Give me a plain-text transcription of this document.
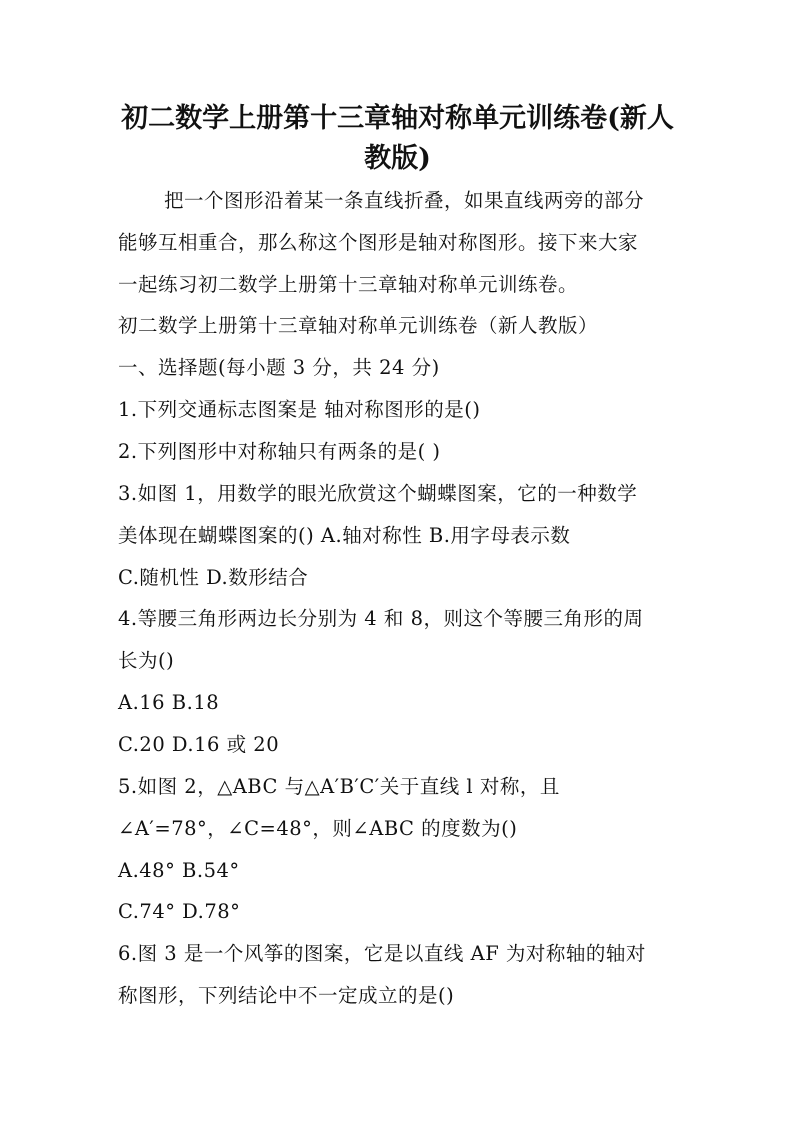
初二数学上册第十三章轴对称单元训练卷(新人
教版)
把一个图形沿着某一条直线折叠，如果直线两旁的部分
能够互相重合，那么称这个图形是轴对称图形。接下来大家
一起练习初二数学上册第十三章轴对称单元训练卷。
初二数学上册第十三章轴对称单元训练卷（新人教版）
一、选择题(每小题 3 分，共 24 分)
1.下列交通标志图案是 轴对称图形的是()
2.下列图形中对称轴只有两条的是( )
3.如图 1，用数学的眼光欣赏这个蝴蝶图案，它的一种数学
美体现在蝴蝶图案的() A.轴对称性 B.用字母表示数
C.随机性 D.数形结合
4.等腰三角形两边长分别为 4 和 8，则这个等腰三角形的周
长为()
A.16 B.18
C.20 D.16 或 20
5.如图 2，△ABC 与△A′B′C′关于直线 l 对称，且
∠A′=78°，∠C=48°，则∠ABC 的度数为()
A.48° B.54°
C.74° D.78°
6.图 3 是一个风筝的图案，它是以直线 AF 为对称轴的轴对
称图形，下列结论中不一定成立的是()
